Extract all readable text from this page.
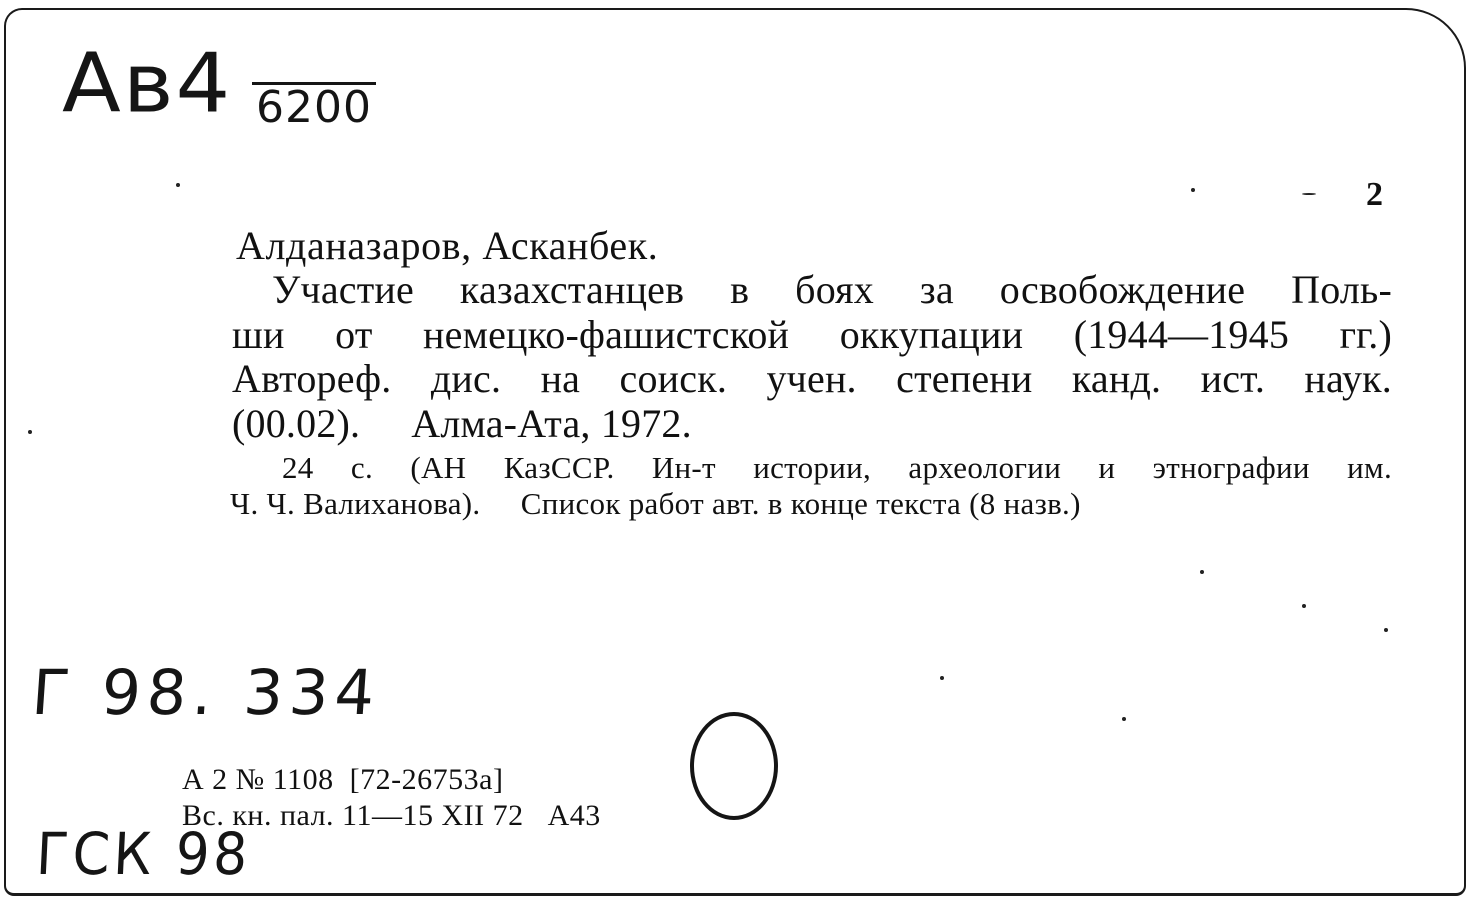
Ав4 6200
2
Алданазаров, Асканбек.
Участие казахстанцев в боях за освобождение Поль-
ши от немецко-фашистской оккупации (1944—1945 гг.)
Автореф. дис. на соиск. учен. степени канд. ист. наук.
(00.02).     Алма-Ата, 1972.
24 с. (АН КазССР. Ин-т истории, археологии и этнографии им.
Ч. Ч. Валиханова).     Список работ авт. в конце текста (8 назв.)
Г 98. 334
А 2 № 1108  [72-26753а]
Вс. кн. пал. 11—15 XII 72   А43
ГСК 98
